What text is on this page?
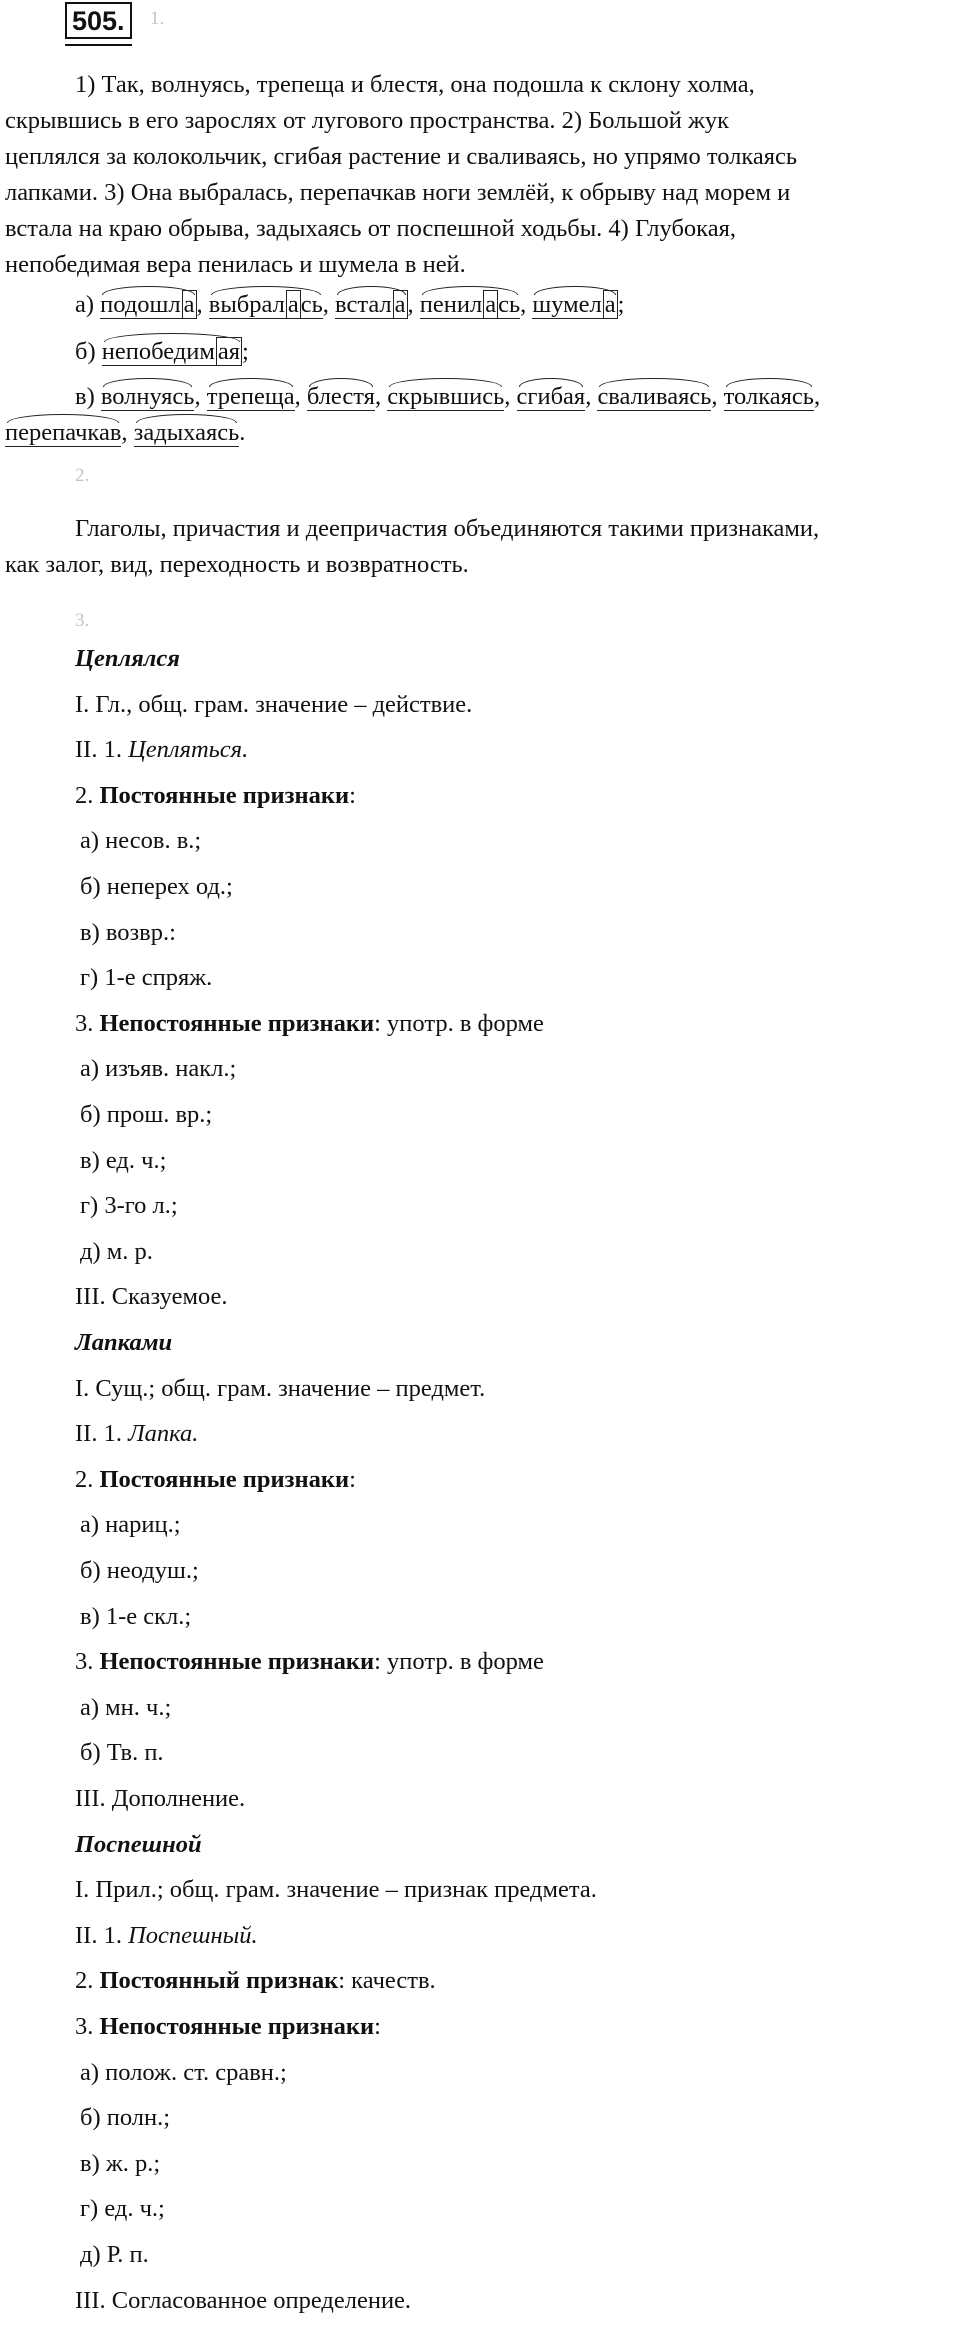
505.	1.
1) Так, волнуясь, трепеща и блестя, она подошла к склону холма,
скрывшись в его зарослях от лугового пространства. 2) Большой жук
цеплялся за колокольчик, сгибая растение и сваливаясь, но упрямо толкаясь
лапками. 3) Она выбралась, перепачкав ноги землёй, к обрыву над морем и
встала на краю обрыва, задыхаясь от поспешной ходьбы. 4) Глубокая,
непобедимая вера пенилась и шумела в ней.
а) подошл а, выбрал ась, встал а, пенил ась, шумел а;
б) непобедим ая;
в) волнуясь, трепеща, блестя, скрывшись, сгибая, сваливаясь, толкаясь,
перепачкав, задыхаясь.
2.
Глаголы, причастия и деепричастия объединяются такими признаками,
как залог, вид, переходность и возвратность.
3.
Цеплялся
I. Гл., общ. грам. значение – действие.
II. 1. Цепляться.
2. Постоянные признаки:
а) несов. в.;
б) неперех од.;
в) возвр.:
г) 1-е спряж.
3. Непостоянные признаки: употр. в форме
а) изъяв. накл.;
б) прош. вр.;
в) ед. ч.;
г) 3-го л.;
д) м. р.
III. Сказуемое.
Лапками
I. Сущ.; общ. грам. значение – предмет.
II. 1. Лапка.
2. Постоянные признаки:
а) нариц.;
б) неодуш.;
в) 1-е скл.;
3. Непостоянные признаки: употр. в форме
а) мн. ч.;
б) Тв. п.
III. Дополнение.
Поспешной
I. Прил.; общ. грам. значение – признак предмета.
II. 1. Поспешный.
2. Постоянный признак: качеств.
3. Непостоянные признаки:
а) полож. ст. сравн.;
б) полн.;
в) ж. р.;
г) ед. ч.;
д) Р. п.
III. Согласованное определение.
